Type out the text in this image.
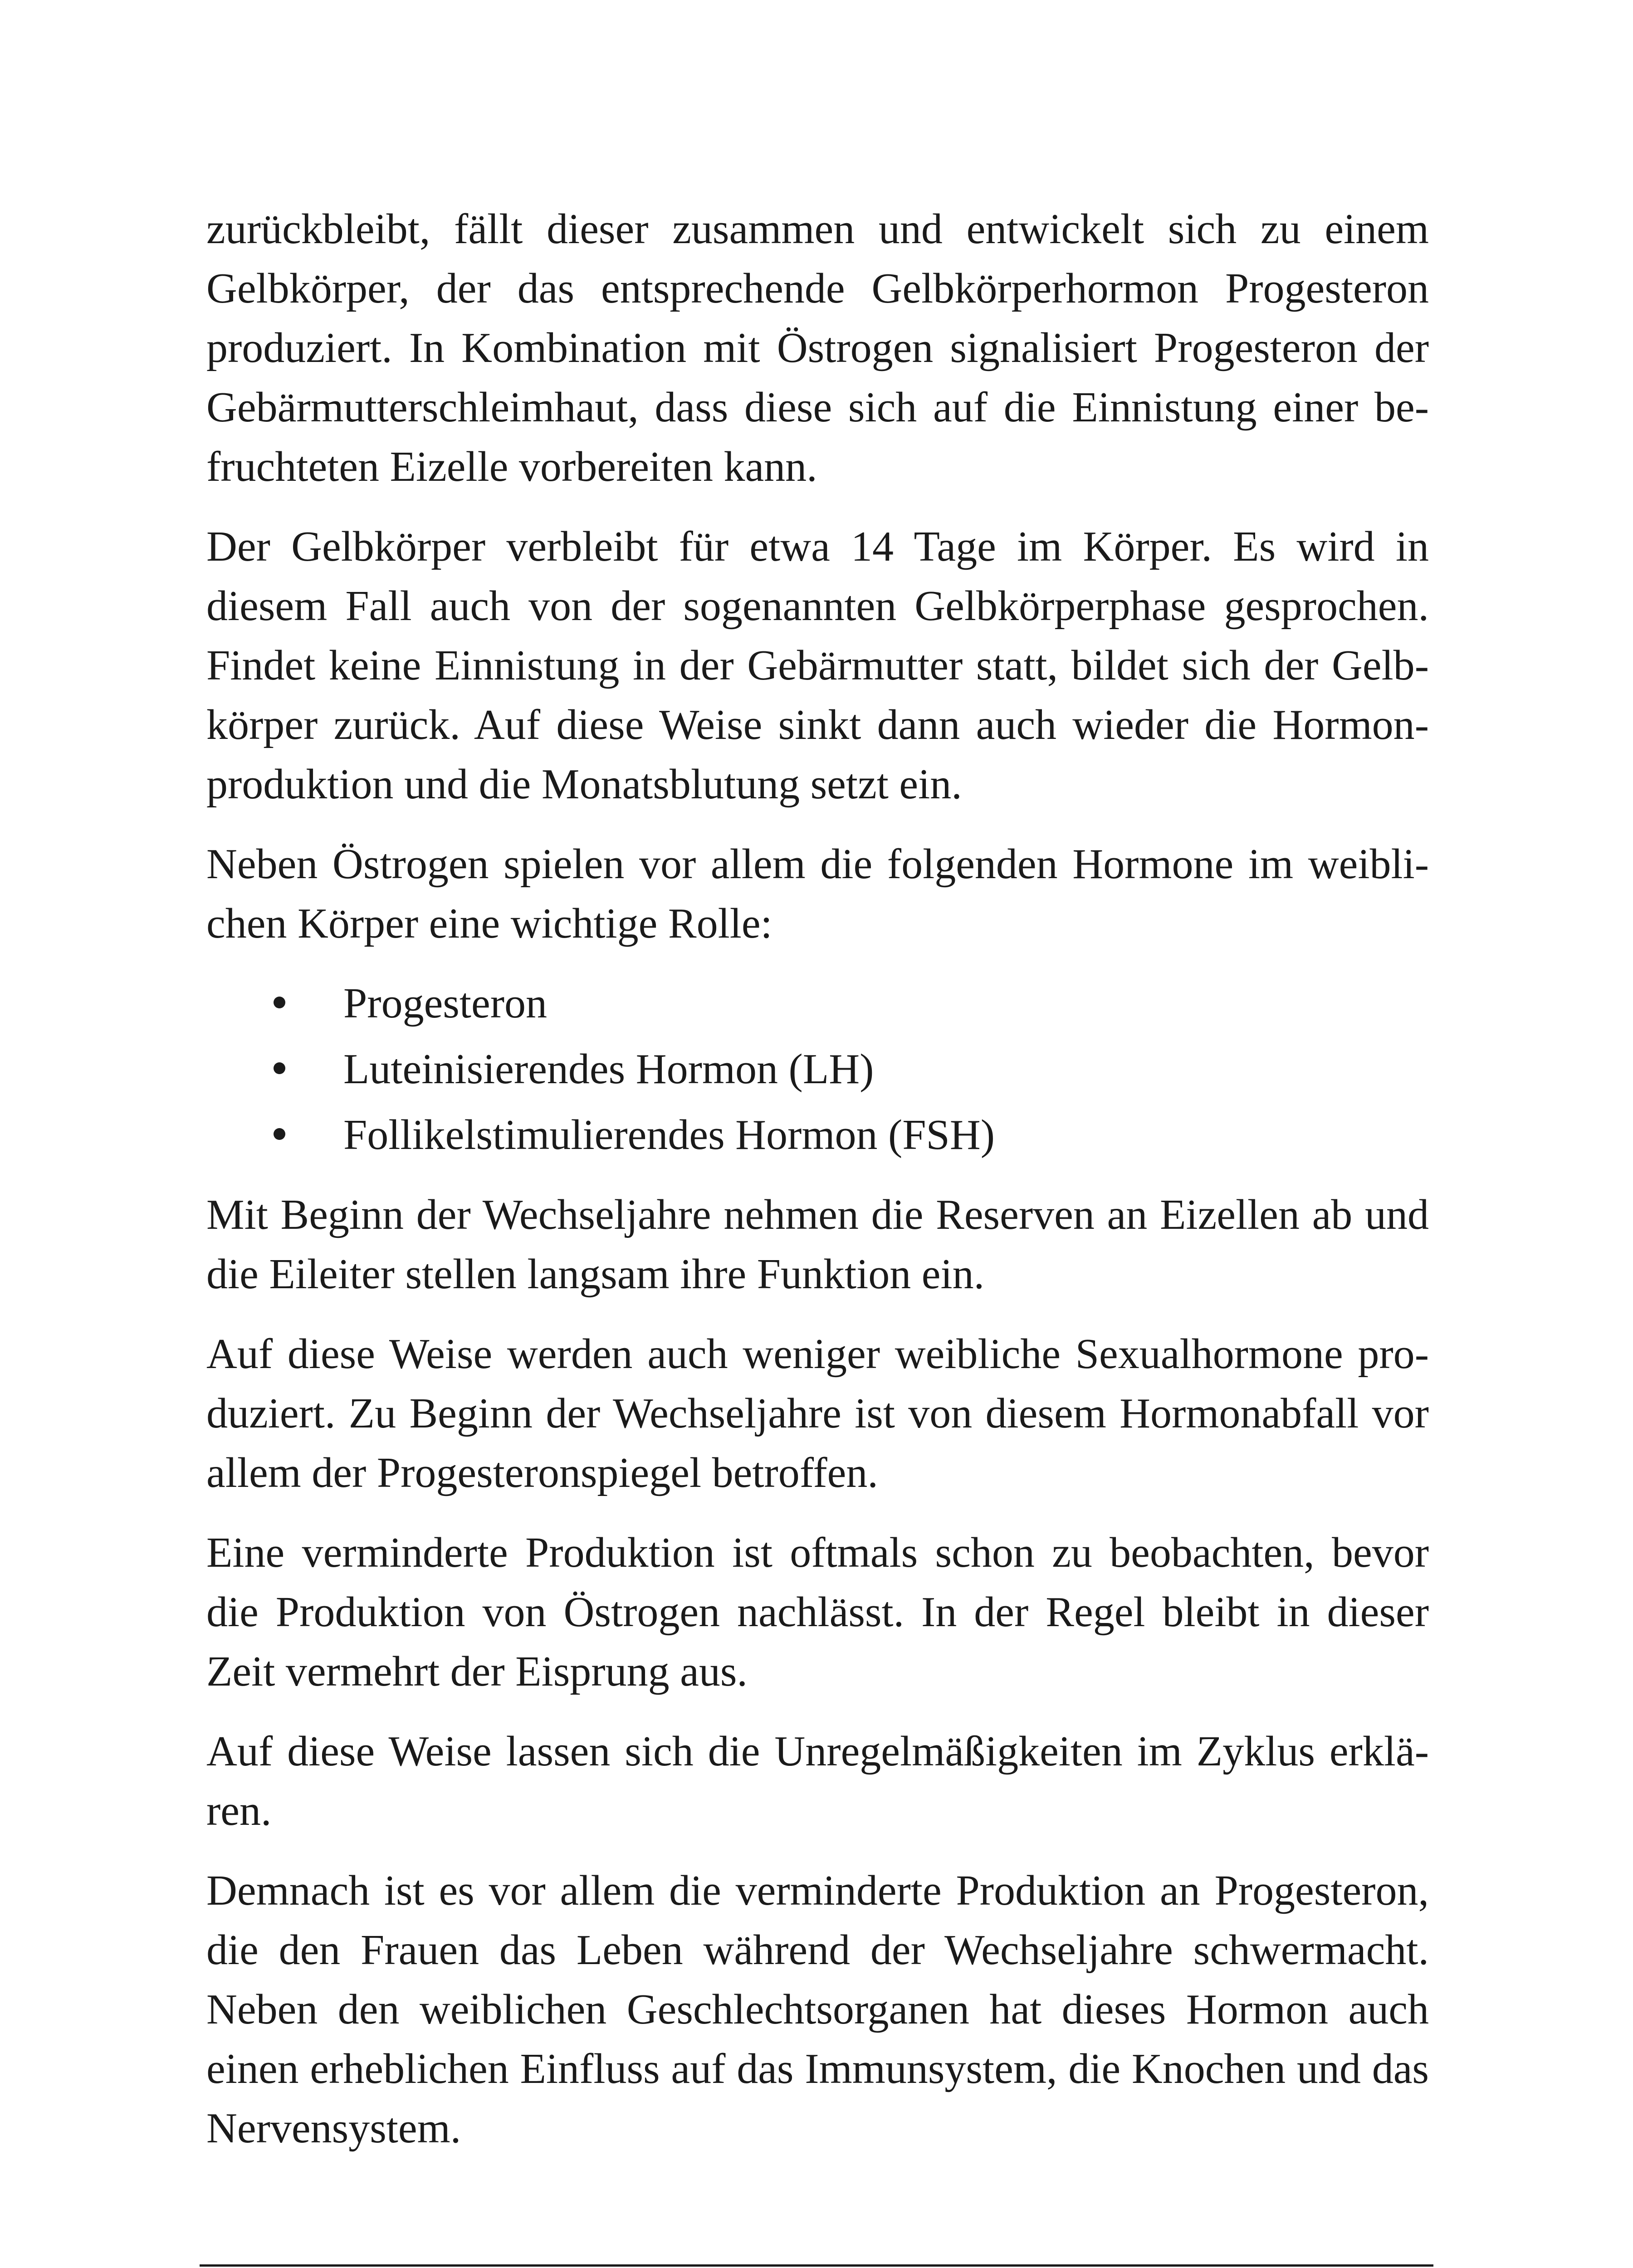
zurückbleibt, fällt dieser zusammen und entwickelt sich zu einem Gelbkörper, der das entsprechende Gelbkörperhormon Progesteron produziert. In Kombination mit Östrogen signalisiert Progesteron der Gebärmutterschleimhaut, dass diese sich auf die Einnistung einer befruchteten Eizelle vorbereiten kann.

Der Gelbkörper verbleibt für etwa 14 Tage im Körper. Es wird in diesem Fall auch von der sogenannten Gelbkörperphase gesprochen. Findet keine Einnistung in der Gebärmutter statt, bildet sich der Gelbkörper zurück. Auf diese Weise sinkt dann auch wieder die Hormonproduktion und die Monatsblutung setzt ein.

Neben Östrogen spielen vor allem die folgenden Hormone im weiblichen Körper eine wichtige Rolle:

Progesteron
Luteinisierendes Hormon (LH)
Follikelstimulierendes Hormon (FSH)

Mit Beginn der Wechseljahre nehmen die Reserven an Eizellen ab und die Eileiter stellen langsam ihre Funktion ein.

Auf diese Weise werden auch weniger weibliche Sexualhormone produziert. Zu Beginn der Wechseljahre ist von diesem Hormonabfall vor allem der Progesteronspiegel betroffen.

Eine verminderte Produktion ist oftmals schon zu beobachten, bevor die Produktion von Östrogen nachlässt. In der Regel bleibt in dieser Zeit vermehrt der Eisprung aus.

Auf diese Weise lassen sich die Unregelmäßigkeiten im Zyklus erklären.

Demnach ist es vor allem die verminderte Produktion an Progesteron, die den Frauen das Leben während der Wechseljahre schwermacht. Neben den weiblichen Geschlechtsorganen hat dieses Hormon auch einen erheblichen Einfluss auf das Immunsystem, die Knochen und das Nervensystem.
